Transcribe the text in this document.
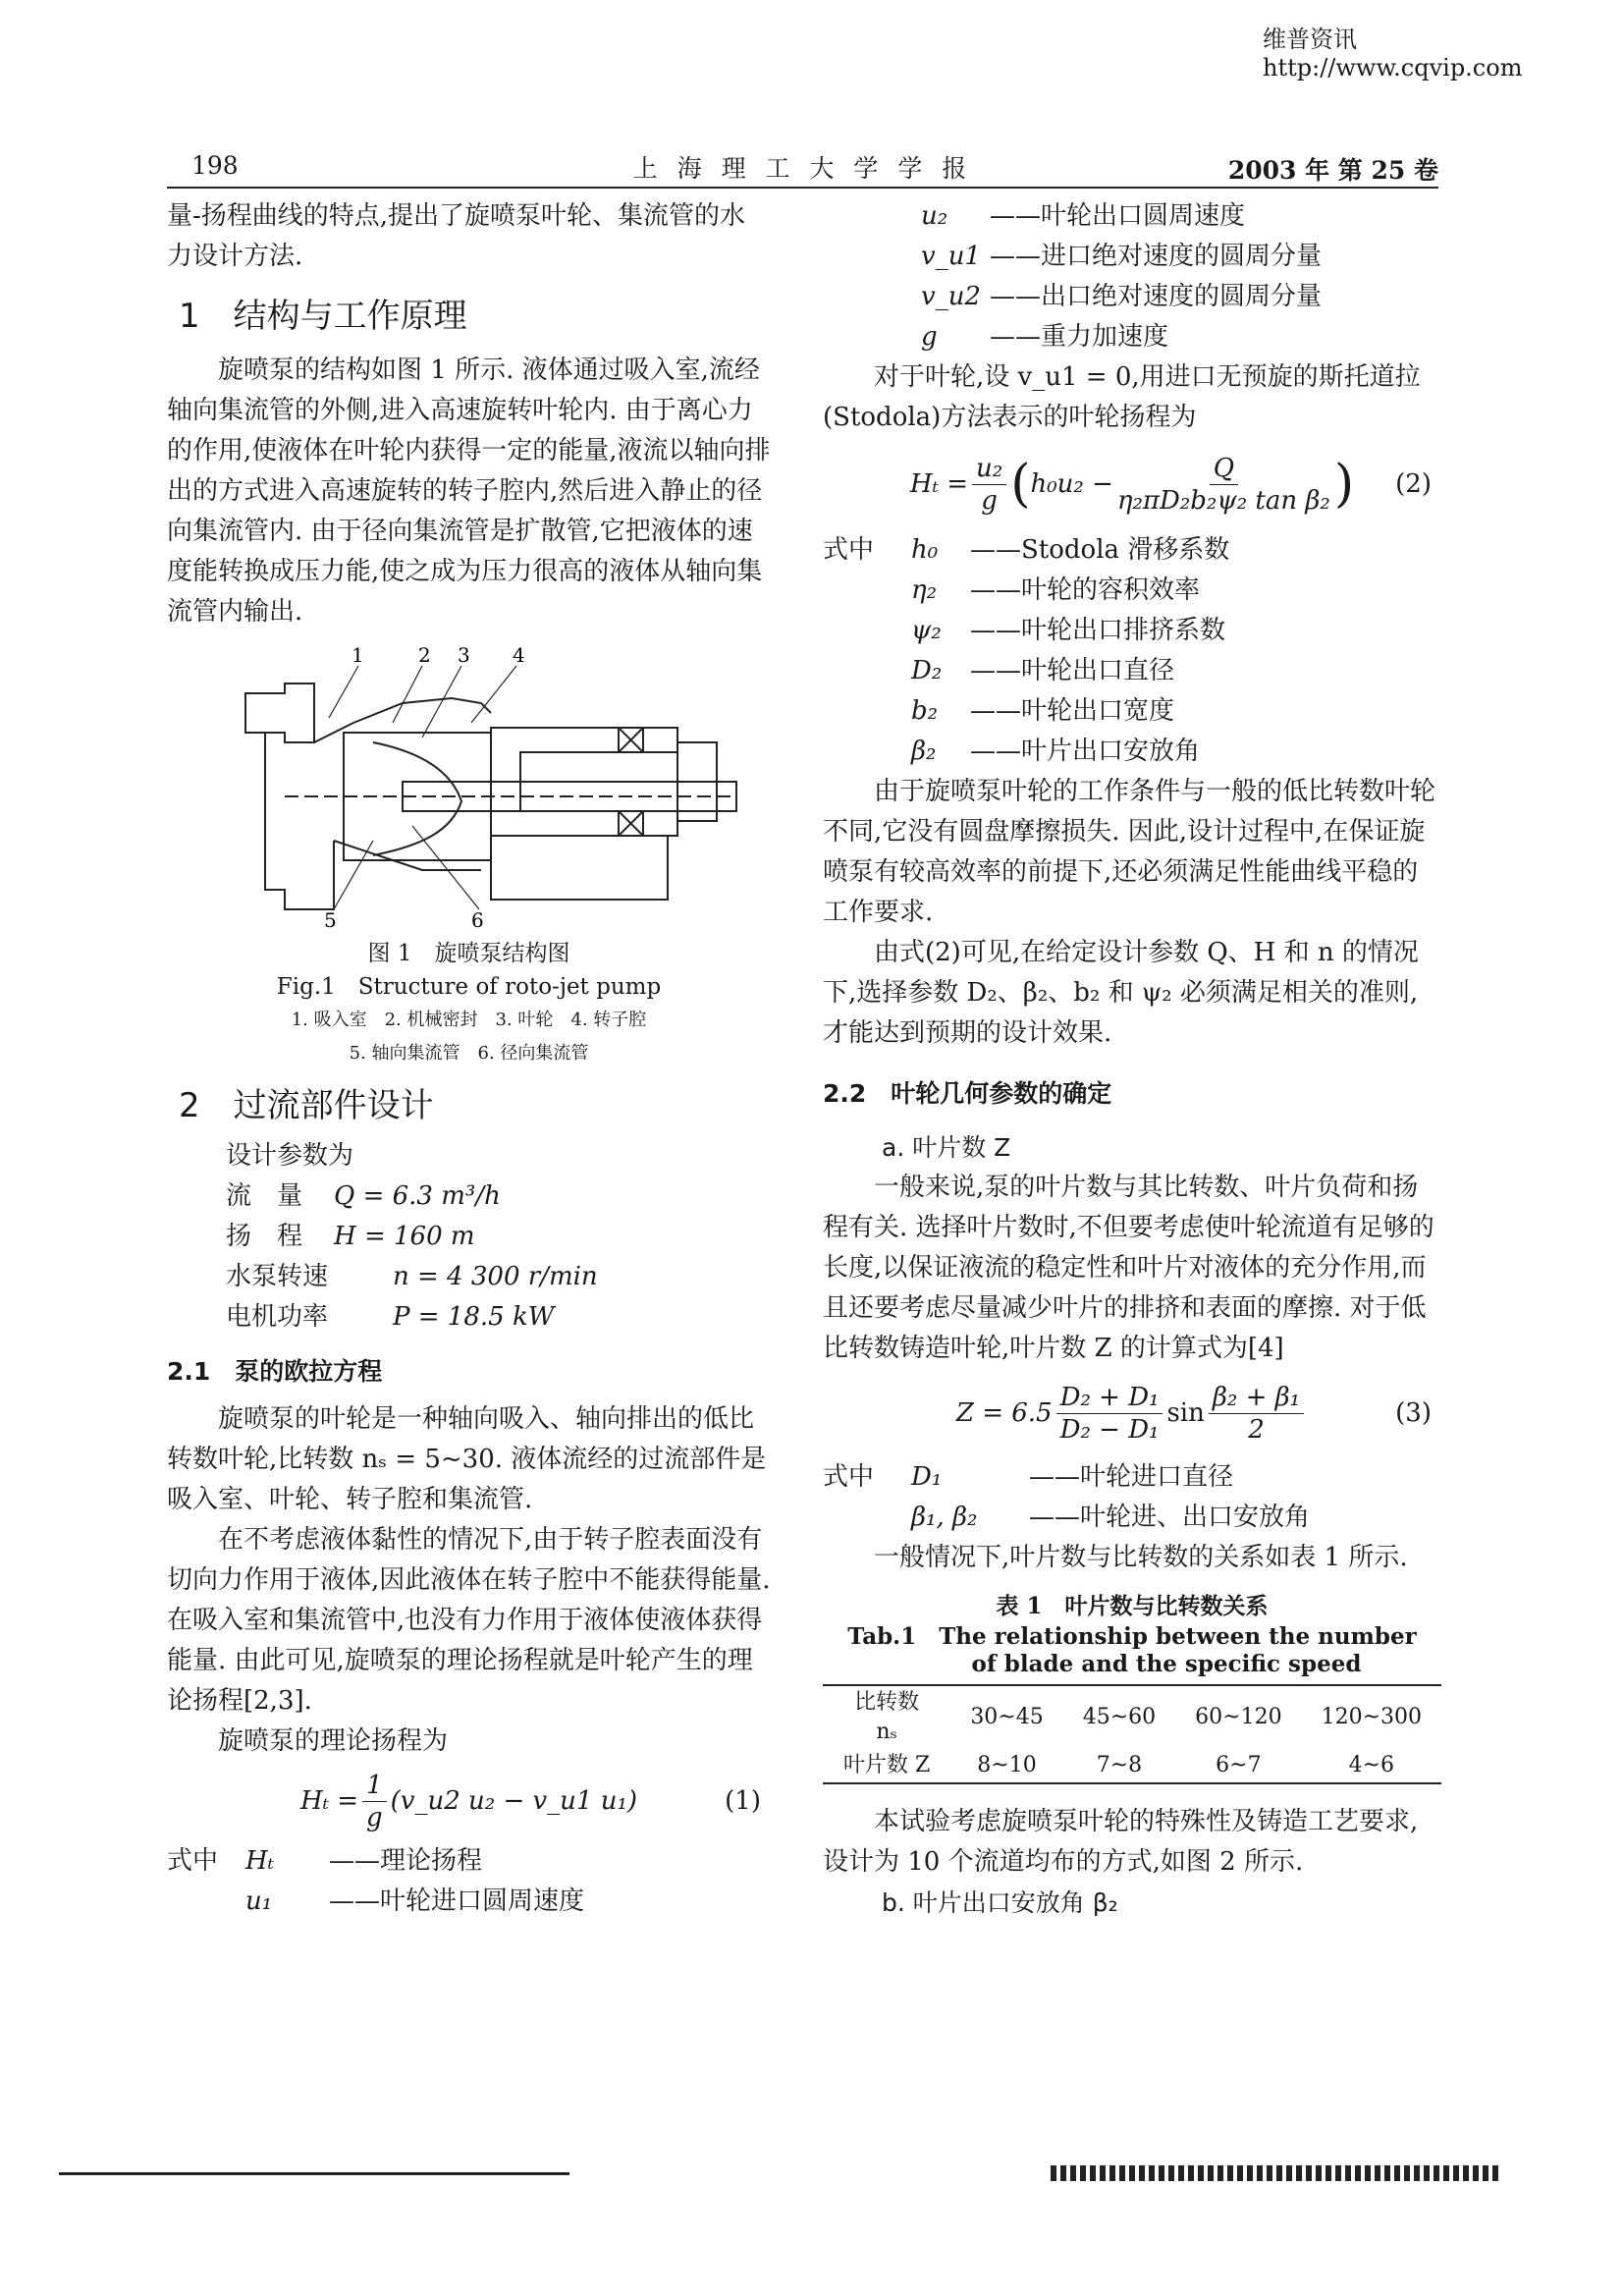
维普资讯 http://www.cqvip.com
198	上 海 理 工 大 学 学 报	2003 年 第 25 卷

量-扬程曲线的特点,提出了旋喷泵叶轮、集流管的水力设计方法.

1　结构与工作原理

旋喷泵的结构如图 1 所示. 液体通过吸入室,流经轴向集流管的外侧,进入高速旋转叶轮内. 由于离心力的作用,使液体在叶轮内获得一定的能量,液流以轴向排出的方式进入高速旋转的转子腔内,然后进入静止的径向集流管内. 由于径向集流管是扩散管,它把液体的速度能转换成压力能,使之成为压力很高的液体从轴向集流管内输出.

1	2 3 4
5	6

图 1　旋喷泵结构图

Fig.1　Structure of roto-jet pump

1. 吸入室　2. 机械密封　3. 叶轮　4. 转子腔

5. 轴向集流管　6. 径向集流管

2　过流部件设计

设计参数为

流　量	Q = 6.3 m³/h
扬　程	H = 160 m
水泵转速	n = 4 300 r/min
电机功率	P = 18.5 kW

2.1　泵的欧拉方程

旋喷泵的叶轮是一种轴向吸入、轴向排出的低比转数叶轮,比转数 nₛ = 5~30. 液体流经的过流部件是吸入室、叶轮、转子腔和集流管.

在不考虑液体黏性的情况下,由于转子腔表面没有切向力作用于液体,因此液体在转子腔中不能获得能量. 在吸入室和集流管中,也没有力作用于液体使液体获得能量. 由此可见,旋喷泵的理论扬程就是叶轮产生的理论扬程[2,3].

旋喷泵的理论扬程为

$H_t = \frac{1}{g}$ (v_u2 u₂ − v_u1 u₁)	(1)
式中	Hₜ	——理论扬程
u₁	——叶轮进口圆周速度
u₂	——叶轮出口圆周速度
v_u1 ——进口绝对速度的圆周分量
v_u2 ——出口绝对速度的圆周分量
g	——重力加速度

对于叶轮,设 v_u1 = 0,用进口无预旋的斯托道拉(Stodola)方法表示的叶轮扬程为

$H_t = \frac{\text{u₂}}{g}$ ( $h_0u_2 - \frac{Q}{\text{η₂πD₂b₂ψ₂ tan β₂}}$ ) (2)
式中	h₀	——Stodola 滑移系数
η₂	——叶轮的容积效率
ψ₂	——叶轮出口排挤系数
D₂	——叶轮出口直径
b₂	——叶轮出口宽度
β₂	——叶片出口安放角

由于旋喷泵叶轮的工作条件与一般的低比转数叶轮不同,它没有圆盘摩擦损失. 因此,设计过程中,在保证旋喷泵有较高效率的前提下,还必须满足性能曲线平稳的工作要求.

由式(2)可见,在给定设计参数 Q、H 和 n 的情况下,选择参数 D₂、β₂、b₂ 和 ψ₂ 必须满足相关的准则,才能达到预期的设计效果.

2.2　叶轮几何参数的确定

a. 叶片数 Z

一般来说,泵的叶片数与其比转数、叶片负荷和扬程有关. 选择叶片数时,不但要考虑使叶轮流道有足够的长度,以保证液流的稳定性和叶片对液体的充分作用,而且还要考虑尽量减少叶片的排挤和表面的摩擦. 对于低比转数铸造叶轮,叶片数 Z 的计算式为[4]

$Z = 6.5 \frac{\text{D₂ + D₁}}{\text{D₂ − D₁}}$ $\sin \frac{\text{β₂ + β₁}}{2}$	(3)
式中	D₁	——叶轮进口直径
β₁, β₂	——叶轮进、出口安放角

一般情况下,叶片数与比转数的关系如表 1 所示.

表 1　叶片数与比转数关系

Tab.1　The relationship between the number

of blade and the specific speed

比转数 nₛ	30~45	45~60	60~120	120~300
叶片数 Z	8~10	7~8	6~7	4~6

本试验考虑旋喷泵叶轮的特殊性及铸造工艺要求,设计为 10 个流道均布的方式,如图 2 所示.

b. 叶片出口安放角 β₂
